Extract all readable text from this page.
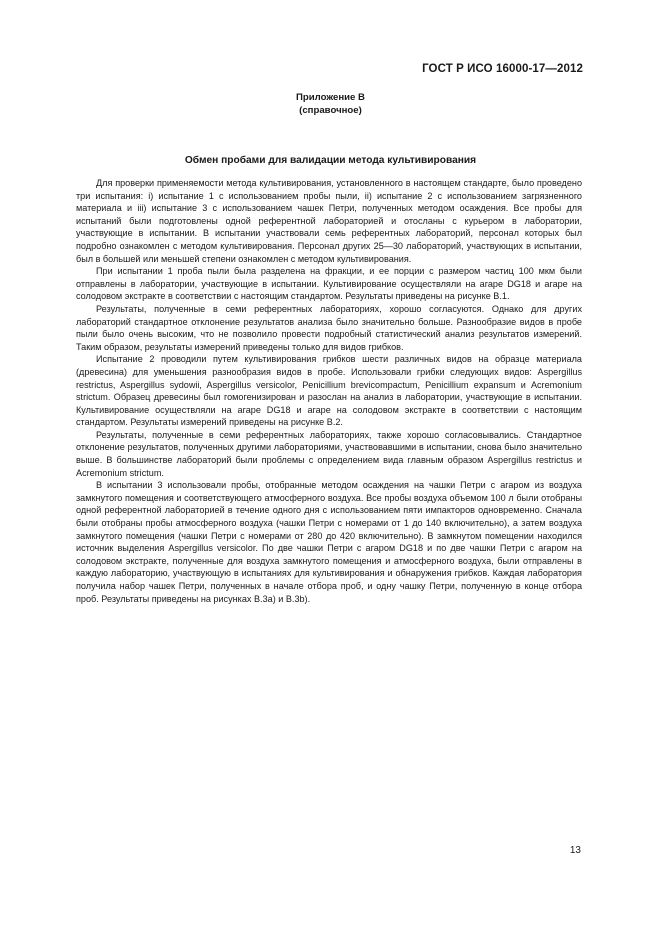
ГОСТ Р ИСО 16000-17—2012
Приложение В
(справочное)
Обмен пробами для валидации метода культивирования

Для проверки применяемости метода культивирования, установленного в настоящем стандарте, было проведено три испытания: i) испытание 1 с использованием пробы пыли, ii) испытание 2 с использованием загрязненного материала и iii) испытание 3 с использованием чашек Петри, полученных методом осаждения. Все пробы для испытаний были подготовлены одной референтной лабораторией и отосланы с курьером в лаборатории, участвующие в испытании. В испытании участвовали семь референтных лабораторий, персонал которых был подробно ознакомлен с методом культивирования. Персонал других 25—30 лабораторий, участвующих в испытании, был в большей или меньшей степени ознакомлен с методом культивирования.

При испытании 1 проба пыли была разделена на фракции, и ее порции с размером частиц 100 мкм были отправлены в лаборатории, участвующие в испытании. Культивирование осуществляли на агаре DG18 и агаре на солодовом экстракте в соответствии с настоящим стандартом. Результаты приведены на рисунке В.1.

Результаты, полученные в семи референтных лабораториях, хорошо согласуются. Однако для других лабораторий стандартное отклонение результатов анализа было значительно больше. Разнообразие видов в пробе пыли было очень высоким, что не позволило провести подробный статистический анализ результатов измерений. Таким образом, результаты измерений приведены только для видов грибков.

Испытание 2 проводили путем культивирования грибков шести различных видов на образце материала (древесина) для уменьшения разнообразия видов в пробе. Использовали грибки следующих видов: Aspergillus restrictus, Aspergillus sydowii, Aspergillus versicolor, Penicillium brevicompactum, Penicillium expansum и Acremonium strictum. Образец древесины был гомогенизирован и разослан на анализ в лаборатории, участвующие в испытании. Культивирование осуществляли на агаре DG18 и агаре на солодовом экстракте в соответствии с настоящим стандартом. Результаты измерений приведены на рисунке В.2.

Результаты, полученные в семи референтных лабораториях, также хорошо согласовывались. Стандартное отклонение результатов, полученных другими лабораториями, участвовавшими в испытании, снова было значительно выше. В большинстве лабораторий были проблемы с определением вида главным образом Aspergillus restrictus и Acremonium strictum.

В испытании 3 использовали пробы, отобранные методом осаждения на чашки Петри с агаром из воздуха замкнутого помещения и соответствующего атмосферного воздуха. Все пробы воздуха объемом 100 л были отобраны одной референтной лабораторией в течение одного дня с использованием пяти импакторов одновременно. Сначала были отобраны пробы атмосферного воздуха (чашки Петри с номерами от 1 до 140 включительно), а затем воздуха замкнутого помещения (чашки Петри с номерами от 280 до 420 включительно). В замкнутом помещении находился источник выделения Aspergillus versicolor. По две чашки Петри с агаром DG18 и по две чашки Петри с агаром на солодовом экстракте, полученные для воздуха замкнутого помещения и атмосферного воздуха, были отправлены в каждую лабораторию, участвующую в испытаниях для культивирования и обнаружения грибков. Каждая лаборатория получила набор чашек Петри, полученных в начале отбора проб, и одну чашку Петри, полученную в конце отбора проб. Результаты приведены на рисунках В.3а) и В.3b).

13
